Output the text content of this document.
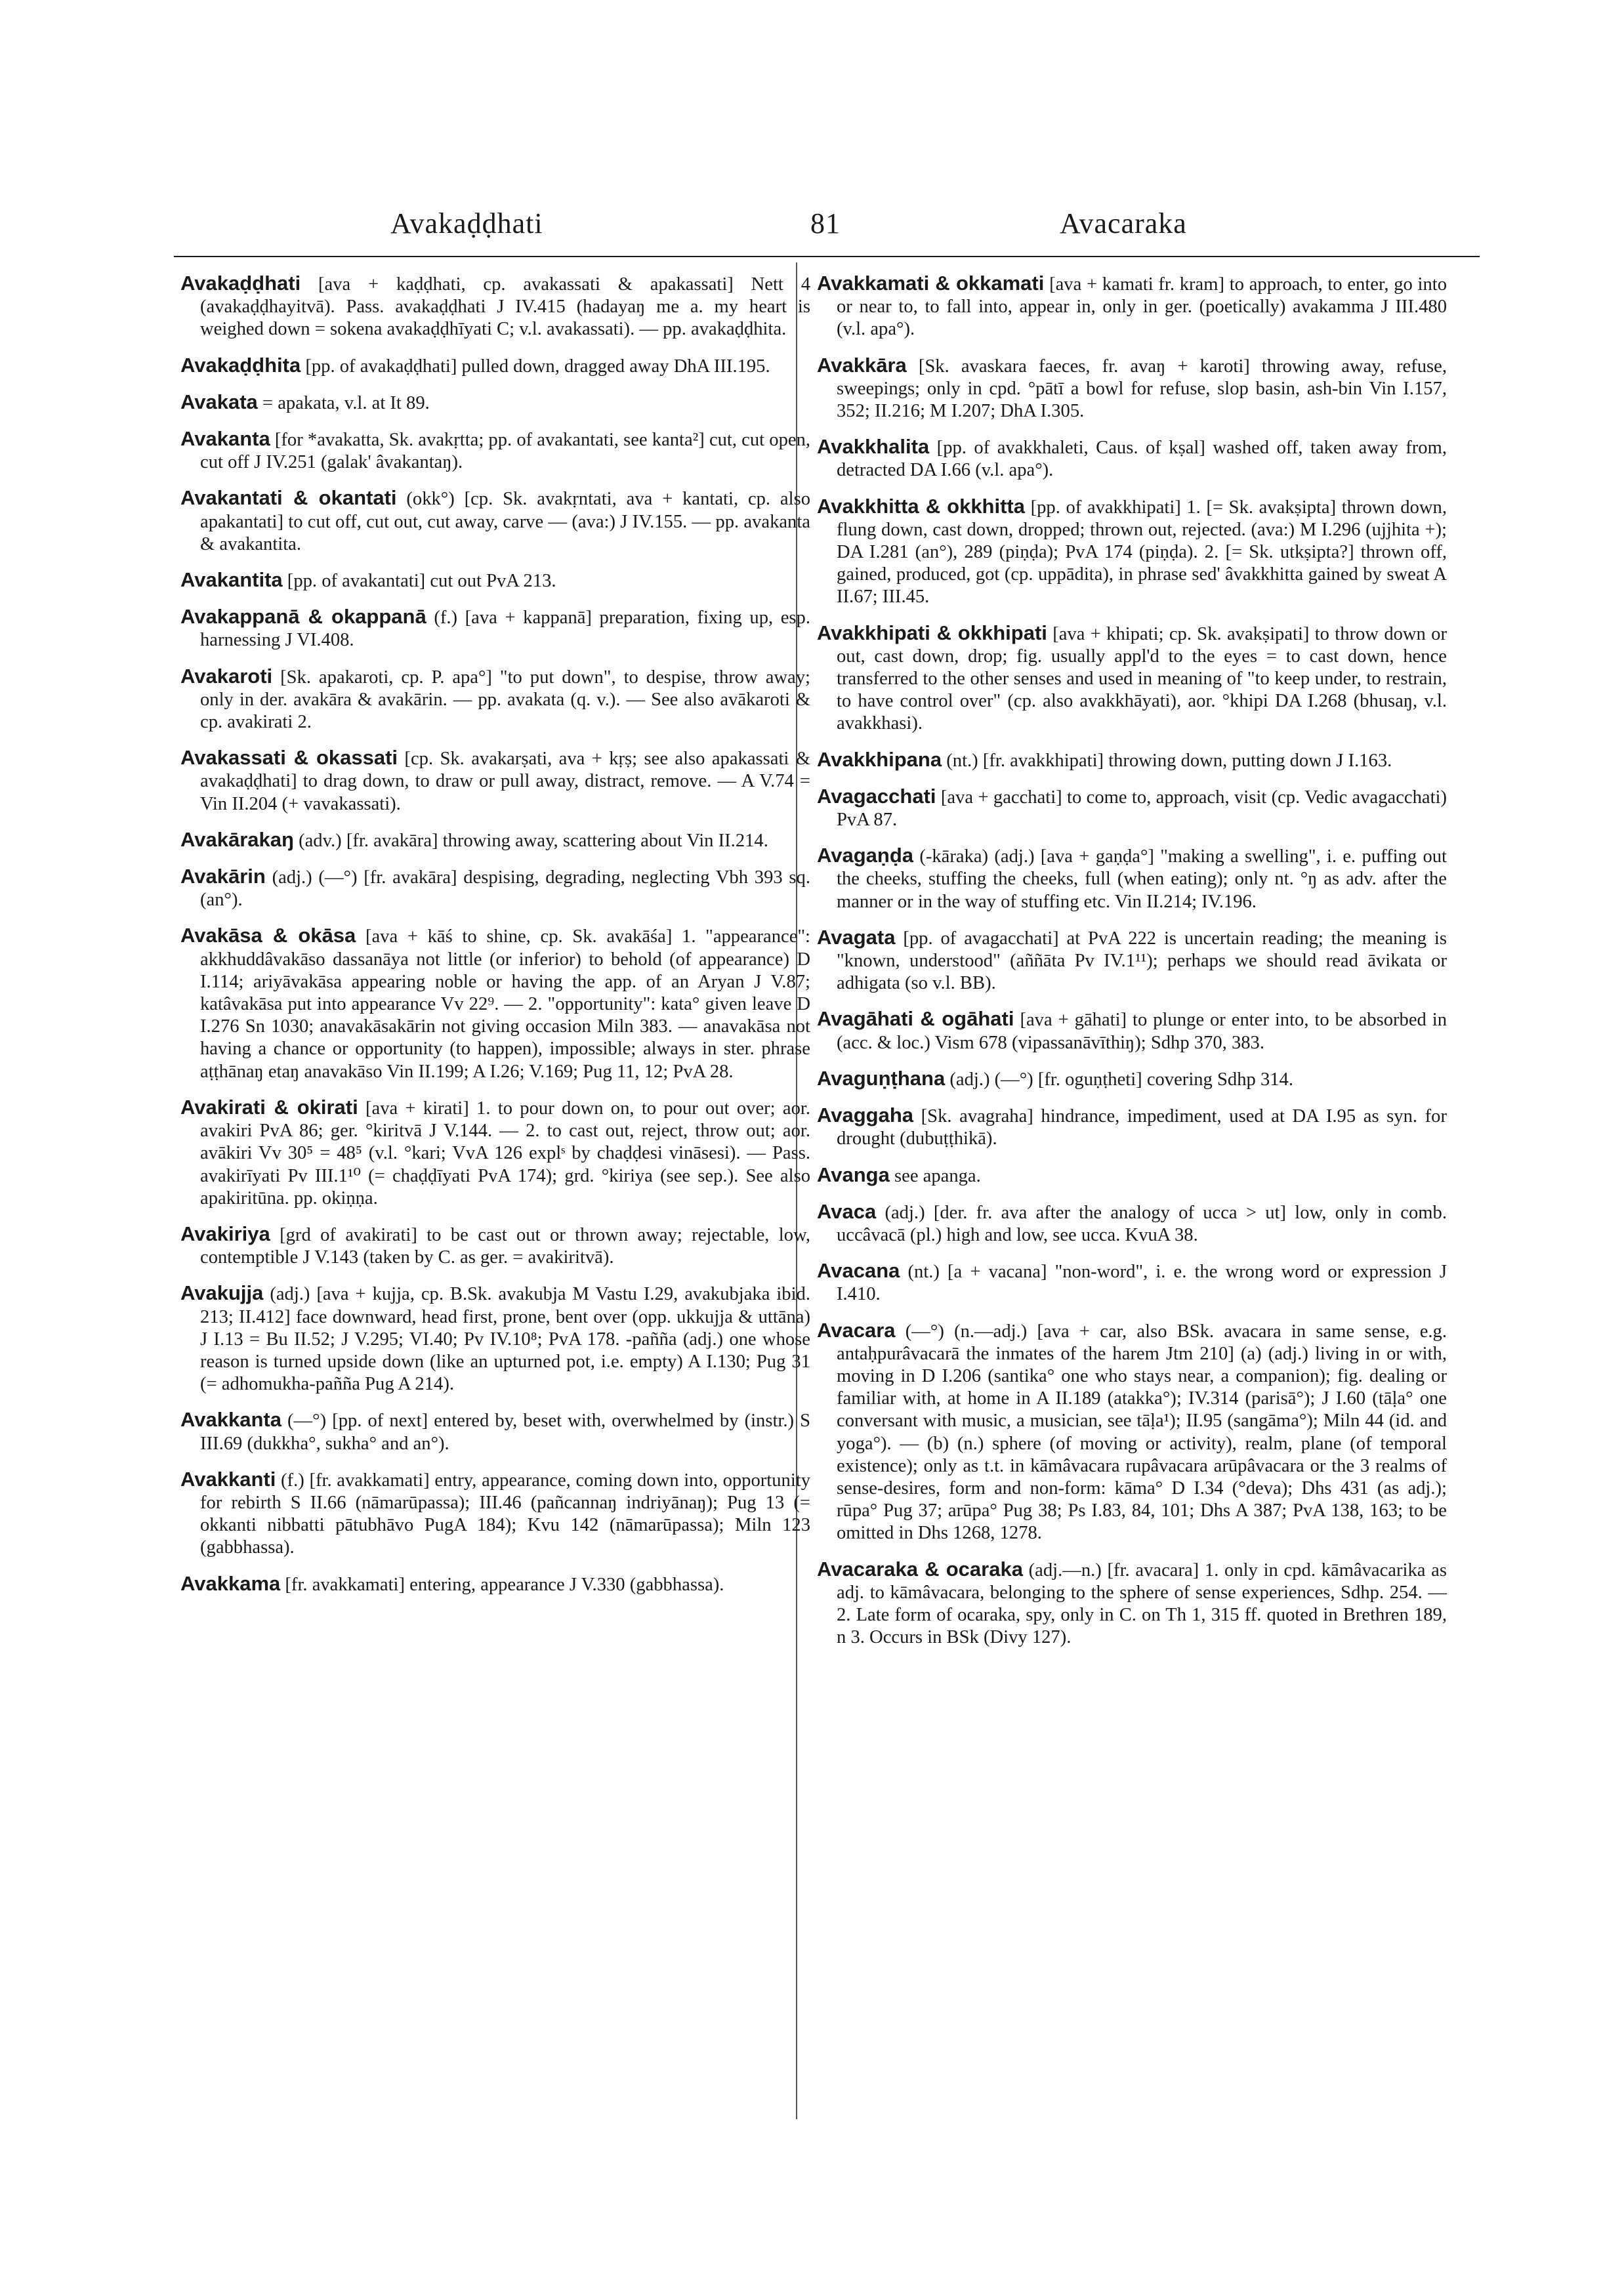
Avakaḍḍhati	81	Avacaraka

Avakaḍḍhati [ava + kaḍḍhati, cp. avakassati & apakassati] Nett 4 (avakaḍḍhayitvā). Pass. avakaḍḍhati J IV.415 (hadayaŋ me a. my heart is weighed down = sokena avakaḍḍhīyati C; v.l. avakassati). — pp. avakaḍḍhita.

Avakaḍḍhita [pp. of avakaḍḍhati] pulled down, dragged away DhA III.195.

Avakata = apakata, v.l. at It 89.

Avakanta [for *avakatta, Sk. avakṛtta; pp. of avakantati, see kanta²] cut, cut open, cut off J IV.251 (galak' âvakantaŋ).

Avakantati & okantati (okk°) [cp. Sk. avakṛntati, ava + kantati, cp. also apakantati] to cut off, cut out, cut away, carve — (ava:) J IV.155. — pp. avakanta & avakantita.

Avakantita [pp. of avakantati] cut out PvA 213.

Avakappanā & okappanā (f.) [ava + kappanā] preparation, fixing up, esp. harnessing J VI.408.

Avakaroti [Sk. apakaroti, cp. P. apa°] "to put down", to despise, throw away; only in der. avakāra & avakārin. — pp. avakata (q. v.). — See also avākaroti & cp. avakirati 2.

Avakassati & okassati [cp. Sk. avakarṣati, ava + kṛṣ; see also apakassati & avakaḍḍhati] to drag down, to draw or pull away, distract, remove. — A V.74 = Vin II.204 (+ vavakassati).

Avakārakaŋ (adv.) [fr. avakāra] throwing away, scattering about Vin II.214.

Avakārin (adj.) (—°) [fr. avakāra] despising, degrading, neglecting Vbh 393 sq. (an°).

Avakāsa & okāsa [ava + kāś to shine, cp. Sk. avakāśa] 1. "appearance": akkhuddâvakāso dassanāya not little (or inferior) to behold (of appearance) D I.114; ariyāvakāsa appearing noble or having the app. of an Aryan J V.87; katâvakāsa put into appearance Vv 22⁹. — 2. "opportunity": kata° given leave D I.276 Sn 1030; anavakāsakārin not giving occasion Miln 383. — anavakāsa not having a chance or opportunity (to happen), impossible; always in ster. phrase aṭṭhānaŋ etaŋ anavakāso Vin II.199; A I.26; V.169; Pug 11, 12; PvA 28.

Avakirati & okirati [ava + kirati] 1. to pour down on, to pour out over; aor. avakiri PvA 86; ger. °kiritvā J V.144. — 2. to cast out, reject, throw out; aor. avākiri Vv 30⁵ = 48⁵ (v.l. °kari; VvA 126 explˢ by chaḍḍesi vināsesi). — Pass. avakirīyati Pv III.1¹⁰ (= chaḍḍīyati PvA 174); grd. °kiriya (see sep.). See also apakiritūna. pp. okiṇṇa.

Avakiriya [grd of avakirati] to be cast out or thrown away; rejectable, low, contemptible J V.143 (taken by C. as ger. = avakiritvā).

Avakujja (adj.) [ava + kujja, cp. B.Sk. avakubja M Vastu I.29, avakubjaka ibid. 213; II.412] face downward, head first, prone, bent over (opp. ukkujja & uttāna) J I.13 = Bu II.52; J V.295; VI.40; Pv IV.10⁸; PvA 178. -pañña (adj.) one whose reason is turned upside down (like an upturned pot, i.e. empty) A I.130; Pug 31 (= adhomukha-pañña Pug A 214).

Avakkanta (—°) [pp. of next] entered by, beset with, overwhelmed by (instr.) S III.69 (dukkha°, sukha° and an°).

Avakkanti (f.) [fr. avakkamati] entry, appearance, coming down into, opportunity for rebirth S II.66 (nāmarūpassa); III.46 (pañcannaŋ indriyānaŋ); Pug 13 (= okkanti nibbatti pātubhāvo PugA 184); Kvu 142 (nāmarūpassa); Miln 123 (gabbhassa).

Avakkama [fr. avakkamati] entering, appearance J V.330 (gabbhassa).

Avakkamati & okkamati [ava + kamati fr. kram] to approach, to enter, go into or near to, to fall into, appear in, only in ger. (poetically) avakamma J III.480 (v.l. apa°).

Avakkāra [Sk. avaskara faeces, fr. avaŋ + karoti] throwing away, refuse, sweepings; only in cpd. °pātī a bowl for refuse, slop basin, ash-bin Vin I.157, 352; II.216; M I.207; DhA I.305.

Avakkhalita [pp. of avakkhaleti, Caus. of kṣal] washed off, taken away from, detracted DA I.66 (v.l. apa°).

Avakkhitta & okkhitta [pp. of avakkhipati] 1. [= Sk. avakṣipta] thrown down, flung down, cast down, dropped; thrown out, rejected. (ava:) M I.296 (ujjhita +); DA I.281 (an°), 289 (piṇḍa); PvA 174 (piṇḍa). 2. [= Sk. utkṣipta?] thrown off, gained, produced, got (cp. uppādita), in phrase sed' âvakkhitta gained by sweat A II.67; III.45.

Avakkhipati & okkhipati [ava + khipati; cp. Sk. avakṣipati] to throw down or out, cast down, drop; fig. usually appl'd to the eyes = to cast down, hence transferred to the other senses and used in meaning of "to keep under, to restrain, to have control over" (cp. also avakkhāyati), aor. °khipi DA I.268 (bhusaŋ, v.l. avakkhasi).

Avakkhipana (nt.) [fr. avakkhipati] throwing down, putting down J I.163.

Avagacchati [ava + gacchati] to come to, approach, visit (cp. Vedic avagacchati) PvA 87.

Avagaṇḍa (-kāraka) (adj.) [ava + gaṇḍa°] "making a swelling", i. e. puffing out the cheeks, stuffing the cheeks, full (when eating); only nt. °ŋ as adv. after the manner or in the way of stuffing etc. Vin II.214; IV.196.

Avagata [pp. of avagacchati] at PvA 222 is uncertain reading; the meaning is "known, understood" (aññāta Pv IV.1¹¹); perhaps we should read āvikata or adhigata (so v.l. BB).

Avagāhati & ogāhati [ava + gāhati] to plunge or enter into, to be absorbed in (acc. & loc.) Vism 678 (vipassanāvīthiŋ); Sdhp 370, 383.

Avaguṇṭhana (adj.) (—°) [fr. oguṇṭheti] covering Sdhp 314.

Avaggaha [Sk. avagraha] hindrance, impediment, used at DA I.95 as syn. for drought (dubuṭṭhikā).

Avanga see apanga.

Avaca (adj.) [der. fr. ava after the analogy of ucca > ut] low, only in comb. uccâvacā (pl.) high and low, see ucca. KvuA 38.

Avacana (nt.) [a + vacana] "non-word", i. e. the wrong word or expression J I.410.

Avacara (—°) (n.—adj.) [ava + car, also BSk. avacara in same sense, e.g. antaḥpurâvacarā the inmates of the harem Jtm 210] (a) (adj.) living in or with, moving in D I.206 (santika° one who stays near, a companion); fig. dealing or familiar with, at home in A II.189 (atakka°); IV.314 (parisā°); J I.60 (tāḷa° one conversant with music, a musician, see tāḷa¹); II.95 (sangāma°); Miln 44 (id. and yoga°). — (b) (n.) sphere (of moving or activity), realm, plane (of temporal existence); only as t.t. in kāmâvacara rupâvacara arūpâvacara or the 3 realms of sense-desires, form and non-form: kāma° D I.34 (°deva); Dhs 431 (as adj.); rūpa° Pug 37; arūpa° Pug 38; Ps I.83, 84, 101; Dhs A 387; PvA 138, 163; to be omitted in Dhs 1268, 1278.

Avacaraka & ocaraka (adj.—n.) [fr. avacara] 1. only in cpd. kāmâvacarika as adj. to kāmâvacara, belonging to the sphere of sense experiences, Sdhp. 254. — 2. Late form of ocaraka, spy, only in C. on Th 1, 315 ff. quoted in Brethren 189, n 3. Occurs in BSk (Divy 127).
